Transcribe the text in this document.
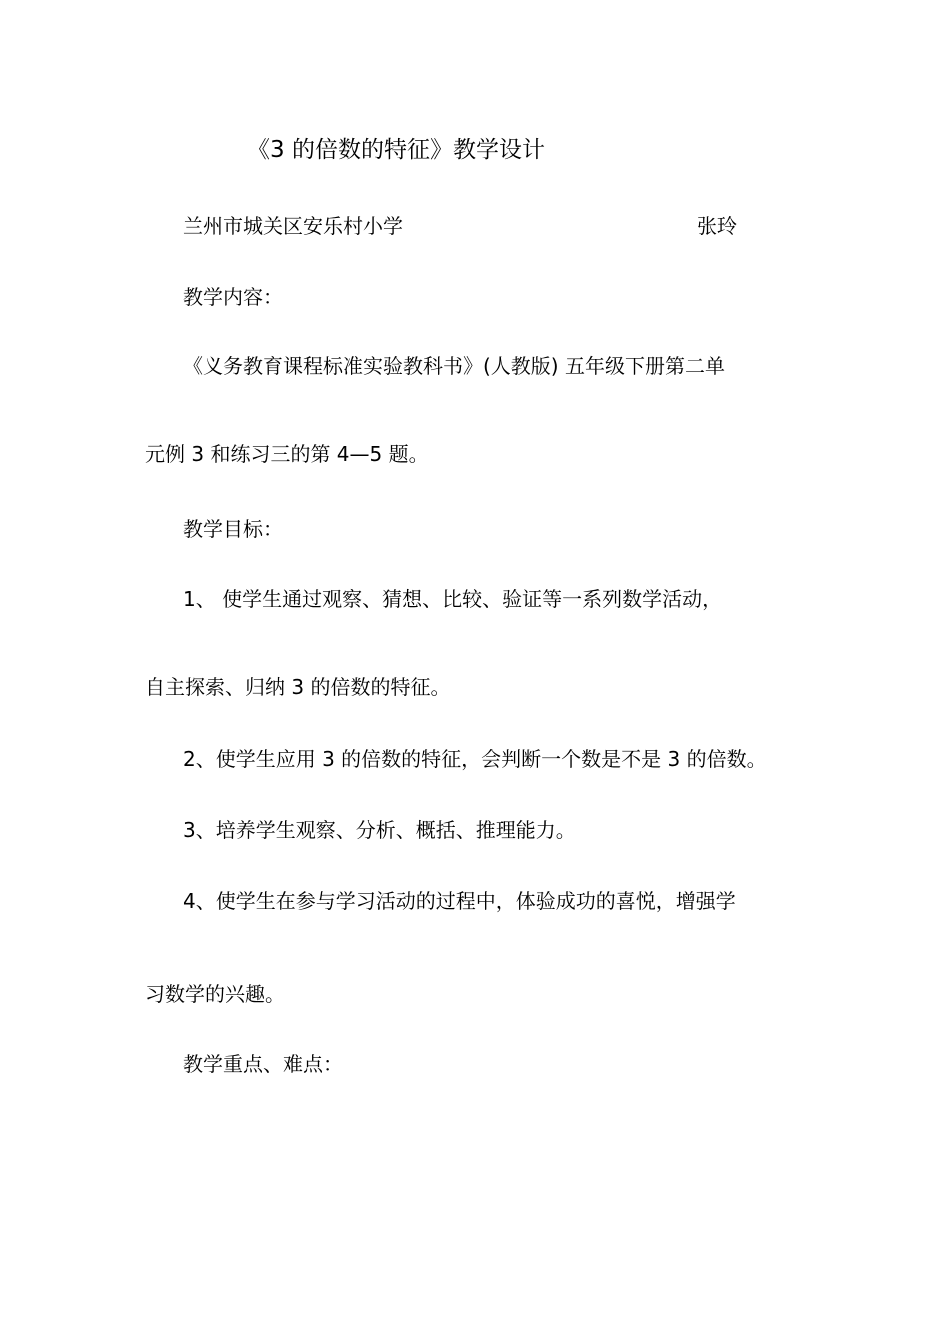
《3 的倍数的特征》教学设计
兰州市城关区安乐村小学	张玲
教学内容：
《义务教育课程标准实验教科书》(人教版) 五年级下册第二单
元例 3 和练习三的第 4—5 题。
教学目标：
1、 使学生通过观察、猜想、比较、验证等一系列数学活动，
自主探索、归纳 3 的倍数的特征。
2、使学生应用 3 的倍数的特征，会判断一个数是不是 3 的倍数。
3、培养学生观察、分析、概括、推理能力。
4、使学生在参与学习活动的过程中，体验成功的喜悦，增强学
习数学的兴趣。
教学重点、难点：
